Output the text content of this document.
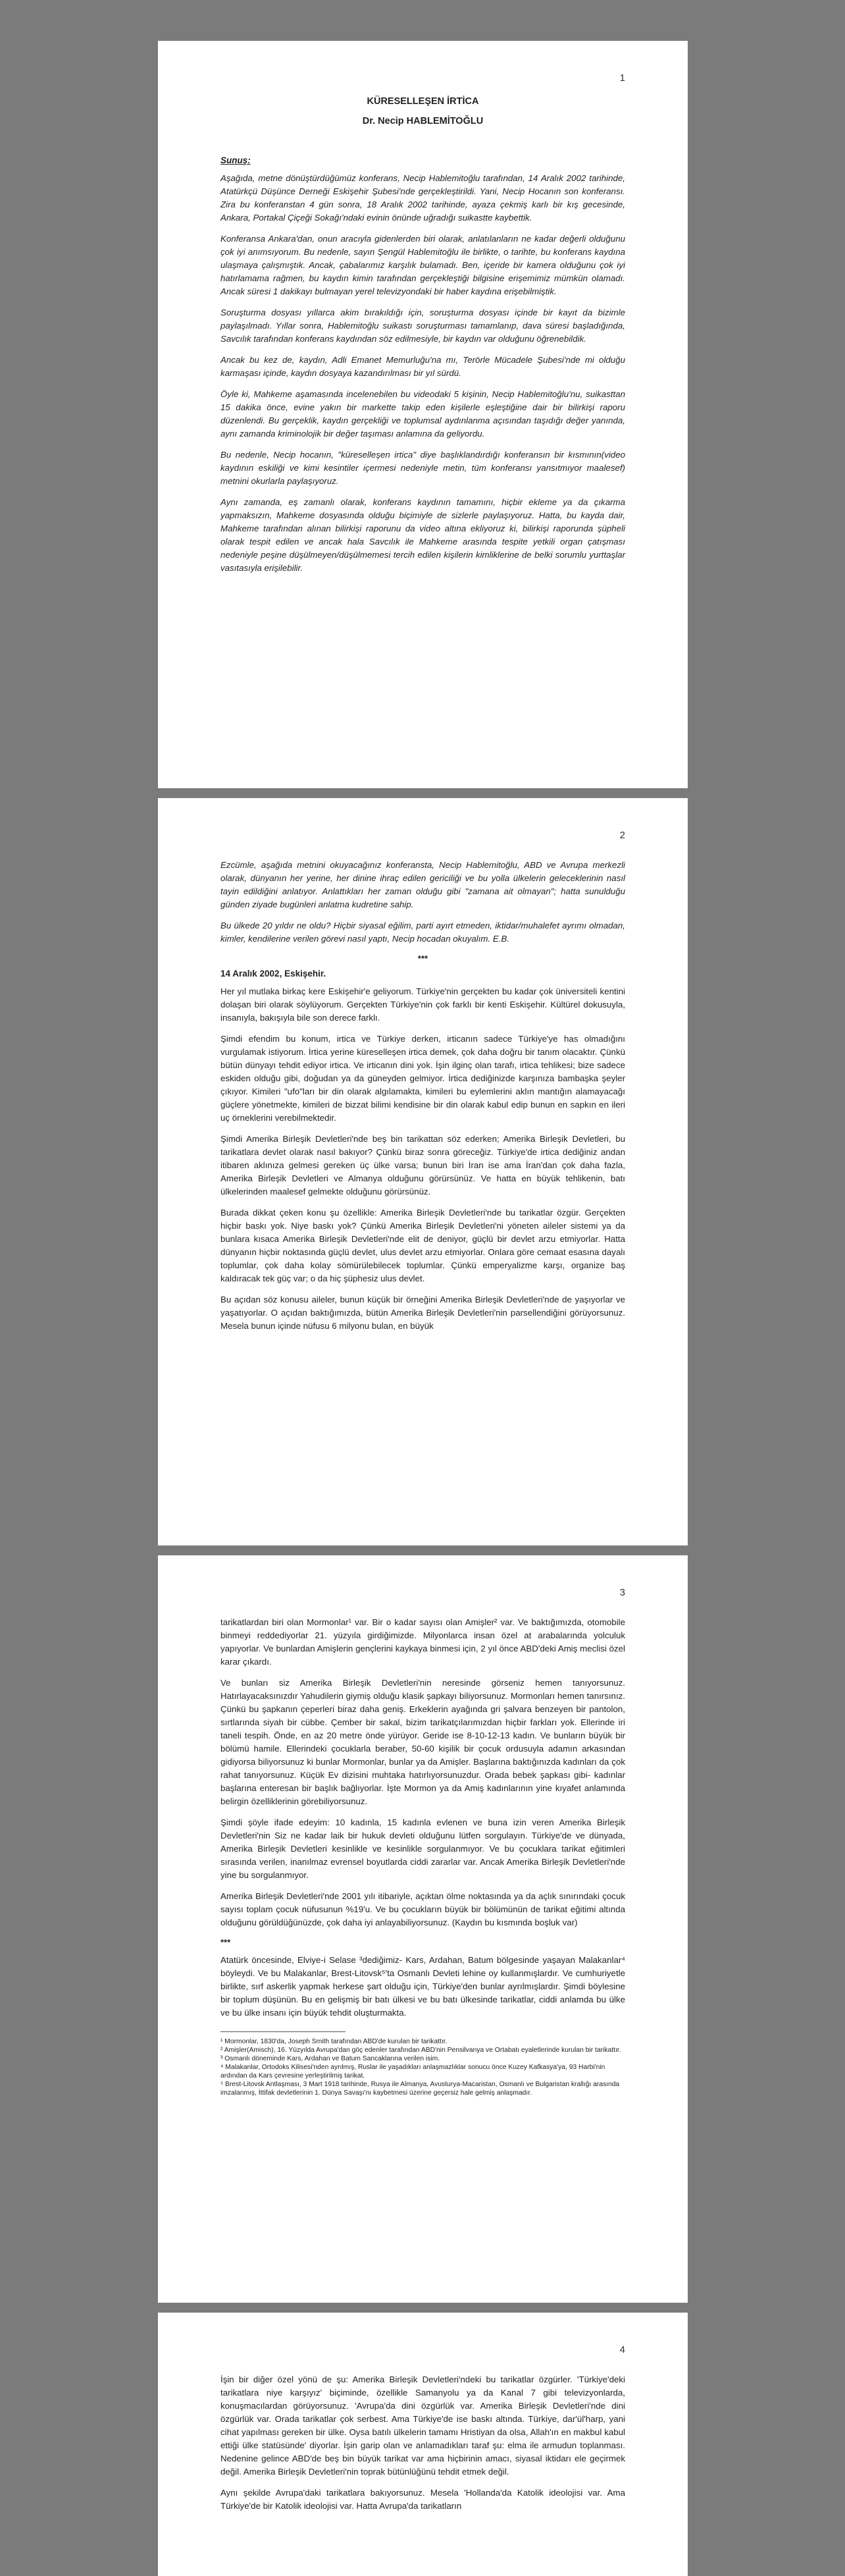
1
KÜRESELLEŞEN İRTİCA
Dr. Necip HABLEMİTOĞLU
Sunuş:

Aşağıda, metne dönüştürdüğümüz konferans, Necip Hablemitoğlu tarafından, 14 Aralık 2002 tarihinde, Atatürkçü Düşünce Derneği Eskişehir Şubesi'nde gerçekleştirildi. Yani, Necip Hocanın son konferansı. Zira bu konferanstan 4 gün sonra, 18 Aralık 2002 tarihinde, ayaza çekmiş karlı bir kış gecesinde, Ankara, Portakal Çiçeği Sokağı'ndaki evinin önünde uğradığı suikastte kaybettik.

Konferansa Ankara'dan, onun aracıyla gidenlerden biri olarak, anlatılanların ne kadar değerli olduğunu çok iyi anımsıyorum. Bu nedenle, sayın Şengül Hablemitoğlu ile birlikte, o tarihte, bu konferans kaydına ulaşmaya çalışmıştık. Ancak, çabalarımız karşılık bulamadı. Ben, içeride bir kamera olduğunu çok iyi hatırlamama rağmen, bu kaydın kimin tarafından gerçekleştiği bilgisine erişemimiz mümkün olamadı. Ancak süresi 1 dakikayı bulmayan yerel televizyondaki bir haber kaydına erişebilmiştik.

Soruşturma dosyası yıllarca akim bırakıldığı için, soruşturma dosyası içinde bir kayıt da bizimle paylaşılmadı. Yıllar sonra, Hablemitoğlu suikastı soruşturması tamamlanıp, dava süresi başladığında, Savcılık tarafından konferans kaydından söz edilmesiyle, bir kaydın var olduğunu öğrenebildik.

Ancak bu kez de, kaydın, Adli Emanet Memurluğu'na mı, Terörle Mücadele Şubesi'nde mi olduğu karmaşası içinde, kaydın dosyaya kazandırılması bir yıl sürdü.

Öyle ki, Mahkeme aşamasında incelenebilen bu videodaki 5 kişinin, Necip Hablemitoğlu'nu, suikasttan 15 dakika önce, evine yakın bir markette takip eden kişilerle eşleştiğine dair bir bilirkişi raporu düzenlendi. Bu gerçeklik, kaydın gerçekliği ve toplumsal aydınlanma açısından taşıdığı değer yanında, aynı zamanda kriminolojik bir değer taşıması anlamına da geliyordu.

Bu nedenle, Necip hocanın, "küreselleşen irtica" diye başlıklandırdığı konferansın bir kısmının(video kaydının eskiliği ve kimi kesintiler içermesi nedeniyle metin, tüm konferansı yansıtmıyor maalesef) metnini okurlarla paylaşıyoruz.

Aynı zamanda, eş zamanlı olarak, konferans kaydının tamamını, hiçbir ekleme ya da çıkarma yapmaksızın, Mahkeme dosyasında olduğu biçimiyle de sizlerle paylaşıyoruz. Hatta, bu kayda dair, Mahkeme tarafından alınan bilirkişi raporunu da video altına ekliyoruz ki, bilirkişi raporunda şüpheli olarak tespit edilen ve ancak hala Savcılık ile Mahkeme arasında tespite yetkili organ çatışması nedeniyle peşine düşülmeyen/düşülmemesi tercih edilen kişilerin kimliklerine de belki sorumlu yurttaşlar vasıtasıyla erişilebilir.

2

Ezcümle, aşağıda metnini okuyacağınız konferansta, Necip Hablemitoğlu, ABD ve Avrupa merkezli olarak, dünyanın her yerine, her dinine ihraç edilen gericiliği ve bu yolla ülkelerin geleceklerinin nasıl tayin edildiğini anlatıyor. Anlattıkları her zaman olduğu gibi "zamana ait olmayan"; hatta sunulduğu günden ziyade bugünleri anlatma kudretine sahip.

Bu ülkede 20 yıldır ne oldu? Hiçbir siyasal eğilim, parti ayırt etmeden, iktidar/muhalefet ayrımı olmadan, kimler, kendilerine verilen görevi nasıl yaptı, Necip hocadan okuyalım. E.B.

***
14 Aralık 2002, Eskişehir.

Her yıl mutlaka birkaç kere Eskişehir'e geliyorum. Türkiye'nin gerçekten bu kadar çok üniversiteli kentini dolaşan biri olarak söylüyorum. Gerçekten Türkiye'nin çok farklı bir kenti Eskişehir. Kültürel dokusuyla, insanıyla, bakışıyla bile son derece farklı.

Şimdi efendim bu konum, irtica ve Türkiye derken, irticanın sadece Türkiye'ye has olmadığını vurgulamak istiyorum. İrtica yerine küreselleşen irtica demek, çok daha doğru bir tanım olacaktır. Çünkü bütün dünyayı tehdit ediyor irtica. Ve irticanın dini yok. İşin ilginç olan tarafı, irtica tehlikesi; bize sadece eskiden olduğu gibi, doğudan ya da güneyden gelmiyor. İrtica dediğinizde karşınıza bambaşka şeyler çıkıyor. Kimileri "ufo"ları bir din olarak algılamakta, kimileri bu eylemlerini aklın mantığın alamayacağı güçlere yönetmekte, kimileri de bizzat bilimi kendisine bir din olarak kabul edip bunun en sapkın en ileri uç örneklerini verebilmektedir.

Şimdi Amerika Birleşik Devletleri'nde beş bin tarikattan söz ederken; Amerika Birleşik Devletleri, bu tarikatlara devlet olarak nasıl bakıyor? Çünkü biraz sonra göreceğiz. Türkiye'de irtica dediğiniz andan itibaren aklınıza gelmesi gereken üç ülke varsa; bunun biri İran ise ama İran'dan çok daha fazla, Amerika Birleşik Devletleri ve Almanya olduğunu görürsünüz. Ve hatta en büyük tehlikenin, batı ülkelerinden maalesef gelmekte olduğunu görürsünüz.

Burada dikkat çeken konu şu özellikle: Amerika Birleşik Devletleri'nde bu tarikatlar özgür. Gerçekten hiçbir baskı yok. Niye baskı yok? Çünkü Amerika Birleşik Devletleri'ni yöneten aileler sistemi ya da bunlara kısaca Amerika Birleşik Devletleri'nde elit de deniyor, güçlü bir devlet arzu etmiyorlar. Hatta dünyanın hiçbir noktasında güçlü devlet, ulus devlet arzu etmiyorlar. Onlara göre cemaat esasına dayalı toplumlar, çok daha kolay sömürülebilecek toplumlar. Çünkü emperyalizme karşı, organize baş kaldıracak tek güç var; o da hiç şüphesiz ulus devlet.

Bu açıdan söz konusu aileler, bunun küçük bir örneğini Amerika Birleşik Devletleri'nde de yaşıyorlar ve yaşatıyorlar. O açıdan baktığımızda, bütün Amerika Birleşik Devletleri'nin parsellendiğini görüyorsunuz. Mesela bunun içinde nüfusu 6 milyonu bulan, en büyük

3

tarikatlardan biri olan Mormonlar¹ var. Bir o kadar sayısı olan Amişler² var. Ve baktığımızda, otomobile binmeyi reddediyorlar 21. yüzyıla girdiğimizde. Milyonlarca insan özel at arabalarında yolculuk yapıyorlar. Ve bunlardan Amişlerin gençlerini kaykaya binmesi için, 2 yıl önce ABD'deki Amiş meclisi özel karar çıkardı.

Ve bunları siz Amerika Birleşik Devletleri'nin neresinde görseniz hemen tanıyorsunuz. Hatırlayacaksınızdır Yahudilerin giymiş olduğu klasik şapkayı biliyorsunuz. Mormonları hemen tanırsınız. Çünkü bu şapkanın çeperleri biraz daha geniş. Erkeklerin ayağında gri şalvara benzeyen bir pantolon, sırtlarında siyah bir cübbe. Çember bir sakal, bizim tarikatçılarımızdan hiçbir farkları yok. Ellerinde iri taneli tespih. Önde, en az 20 metre önde yürüyor. Geride ise 8-10-12-13 kadın. Ve bunların büyük bir bölümü hamile. Ellerindeki çocuklarla beraber, 50-60 kişilik bir çocuk ordusuyla adamın arkasından gidiyorsa biliyorsunuz ki bunlar Mormonlar, bunlar ya da Amişler. Başlarına baktığınızda kadınları da çok rahat tanıyorsunuz. Küçük Ev dizisini muhtaka hatırlıyorsunuzdur. Orada bebek şapkası gibi- kadınlar başlarına enteresan bir başlık bağlıyorlar. İşte Mormon ya da Amiş kadınlarının yine kıyafet anlamında belirgin özelliklerinin görebiliyorsunuz.

Şimdi şöyle ifade edeyim: 10 kadınla, 15 kadınla evlenen ve buna izin veren Amerika Birleşik Devletleri'nin Siz ne kadar laik bir hukuk devleti olduğunu lütfen sorgulayın. Türkiye'de ve dünyada, Amerika Birleşik Devletleri kesinlikle ve kesinlikle sorgulanmıyor. Ve bu çocuklara tarikat eğitimleri sırasında verilen, inanılmaz evrensel boyutlarda ciddi zararlar var. Ancak Amerika Birleşik Devletleri'nde yine bu sorgulanmıyor.

Amerika Birleşik Devletleri'nde 2001 yılı itibariyle, açıktan ölme noktasında ya da açlık sınırındaki çocuk sayısı toplam çocuk nüfusunun %19'u. Ve bu çocukların büyük bir bölümünün de tarikat eğitimi altında olduğunu görüldüğünüzde, çok daha iyi anlayabiliyorsunuz. (Kaydın bu kısmında boşluk var)

***

Atatürk öncesinde, Elviye-i Selase ³dediğimiz- Kars, Ardahan, Batum bölgesinde yaşayan Malakanlar⁴ böyleydi. Ve bu Malakanlar, Brest-Litovsk⁵'ta Osmanlı Devleti lehine oy kullanmışlardır. Ve cumhuriyetle birlikte, sırf askerlik yapmak herkese şart olduğu için, Türkiye'den bunlar ayrılmışlardır. Şimdi böylesine bir toplum düşünün. Bu en gelişmiş bir batı ülkesi ve bu batı ülkesinde tarikatlar, ciddi anlamda bu ülke ve bu ülke insanı için büyük tehdit oluşturmakta.

¹ Mormonlar, 1830'da, Joseph Smith tarafından ABD'de kurulan bir tarikattır.

² Amişler(Amisch), 16. Yüzyılda Avrupa'dan göç edenler tarafından ABD'nin Pensilvanya ve Ortabatı eyaletlerinde kurulan bir tarikattır.

³ Osmanlı döneminde Kars, Ardahan ve Batum Sancaklarına verilen isim.

⁴ Malakanlar, Ortodoks Kilisesi'nden ayrılmış, Ruslar ile yaşadıkları anlaşmazlıklar sonucu önce Kuzey Kafkasya'ya, 93 Harbi'nin ardından da Kars çevresine yerleştirilmiş tarikat.

⁵ Brest-Litovsk Antlaşması, 3 Mart 1918 tarihinde, Rusya ile Almanya, Avusturya-Macaristan, Osmanlı ve Bulgaristan krallığı arasında imzalanmış, İttifak devletlerinin 1. Dünya Savaşı'nı kaybetmesi üzerine geçersiz hale gelmiş anlaşmadır.

4

İşin bir diğer özel yönü de şu: Amerika Birleşik Devletleri'ndeki bu tarikatlar özgürler. 'Türkiye'deki tarikatlara niye karşıyız' biçiminde, özellikle Samanyolu ya da Kanal 7 gibi televizyonlarda, konuşmacılardan görüyorsunuz. 'Avrupa'da dini özgürlük var. Amerika Birleşik Devletleri'nde dini özgürlük var. Orada tarikatlar çok serbest. Ama Türkiye'de ise baskı altında. Türkiye, dar'ül'harp, yani cihat yapılması gereken bir ülke. Oysa batılı ülkelerin tamamı Hristiyan da olsa, Allah'ın en makbul kabul ettiği ülke statüsünde' diyorlar. İşin garip olan ve anlamadıkları taraf şu: elma ile armudun toplanması. Nedenine gelince ABD'de beş bin büyük tarikat var ama hiçbirinin amacı, siyasal iktidarı ele geçirmek değil. Amerika Birleşik Devletleri'nin toprak bütünlüğünü tehdit etmek değil.

Aynı şekilde Avrupa'daki tarikatlara bakıyorsunuz. Mesela 'Hollanda'da Katolik ideolojisi var. Ama Türkiye'de bir Katolik ideolojisi var. Hatta Avrupa'da tarikatların
